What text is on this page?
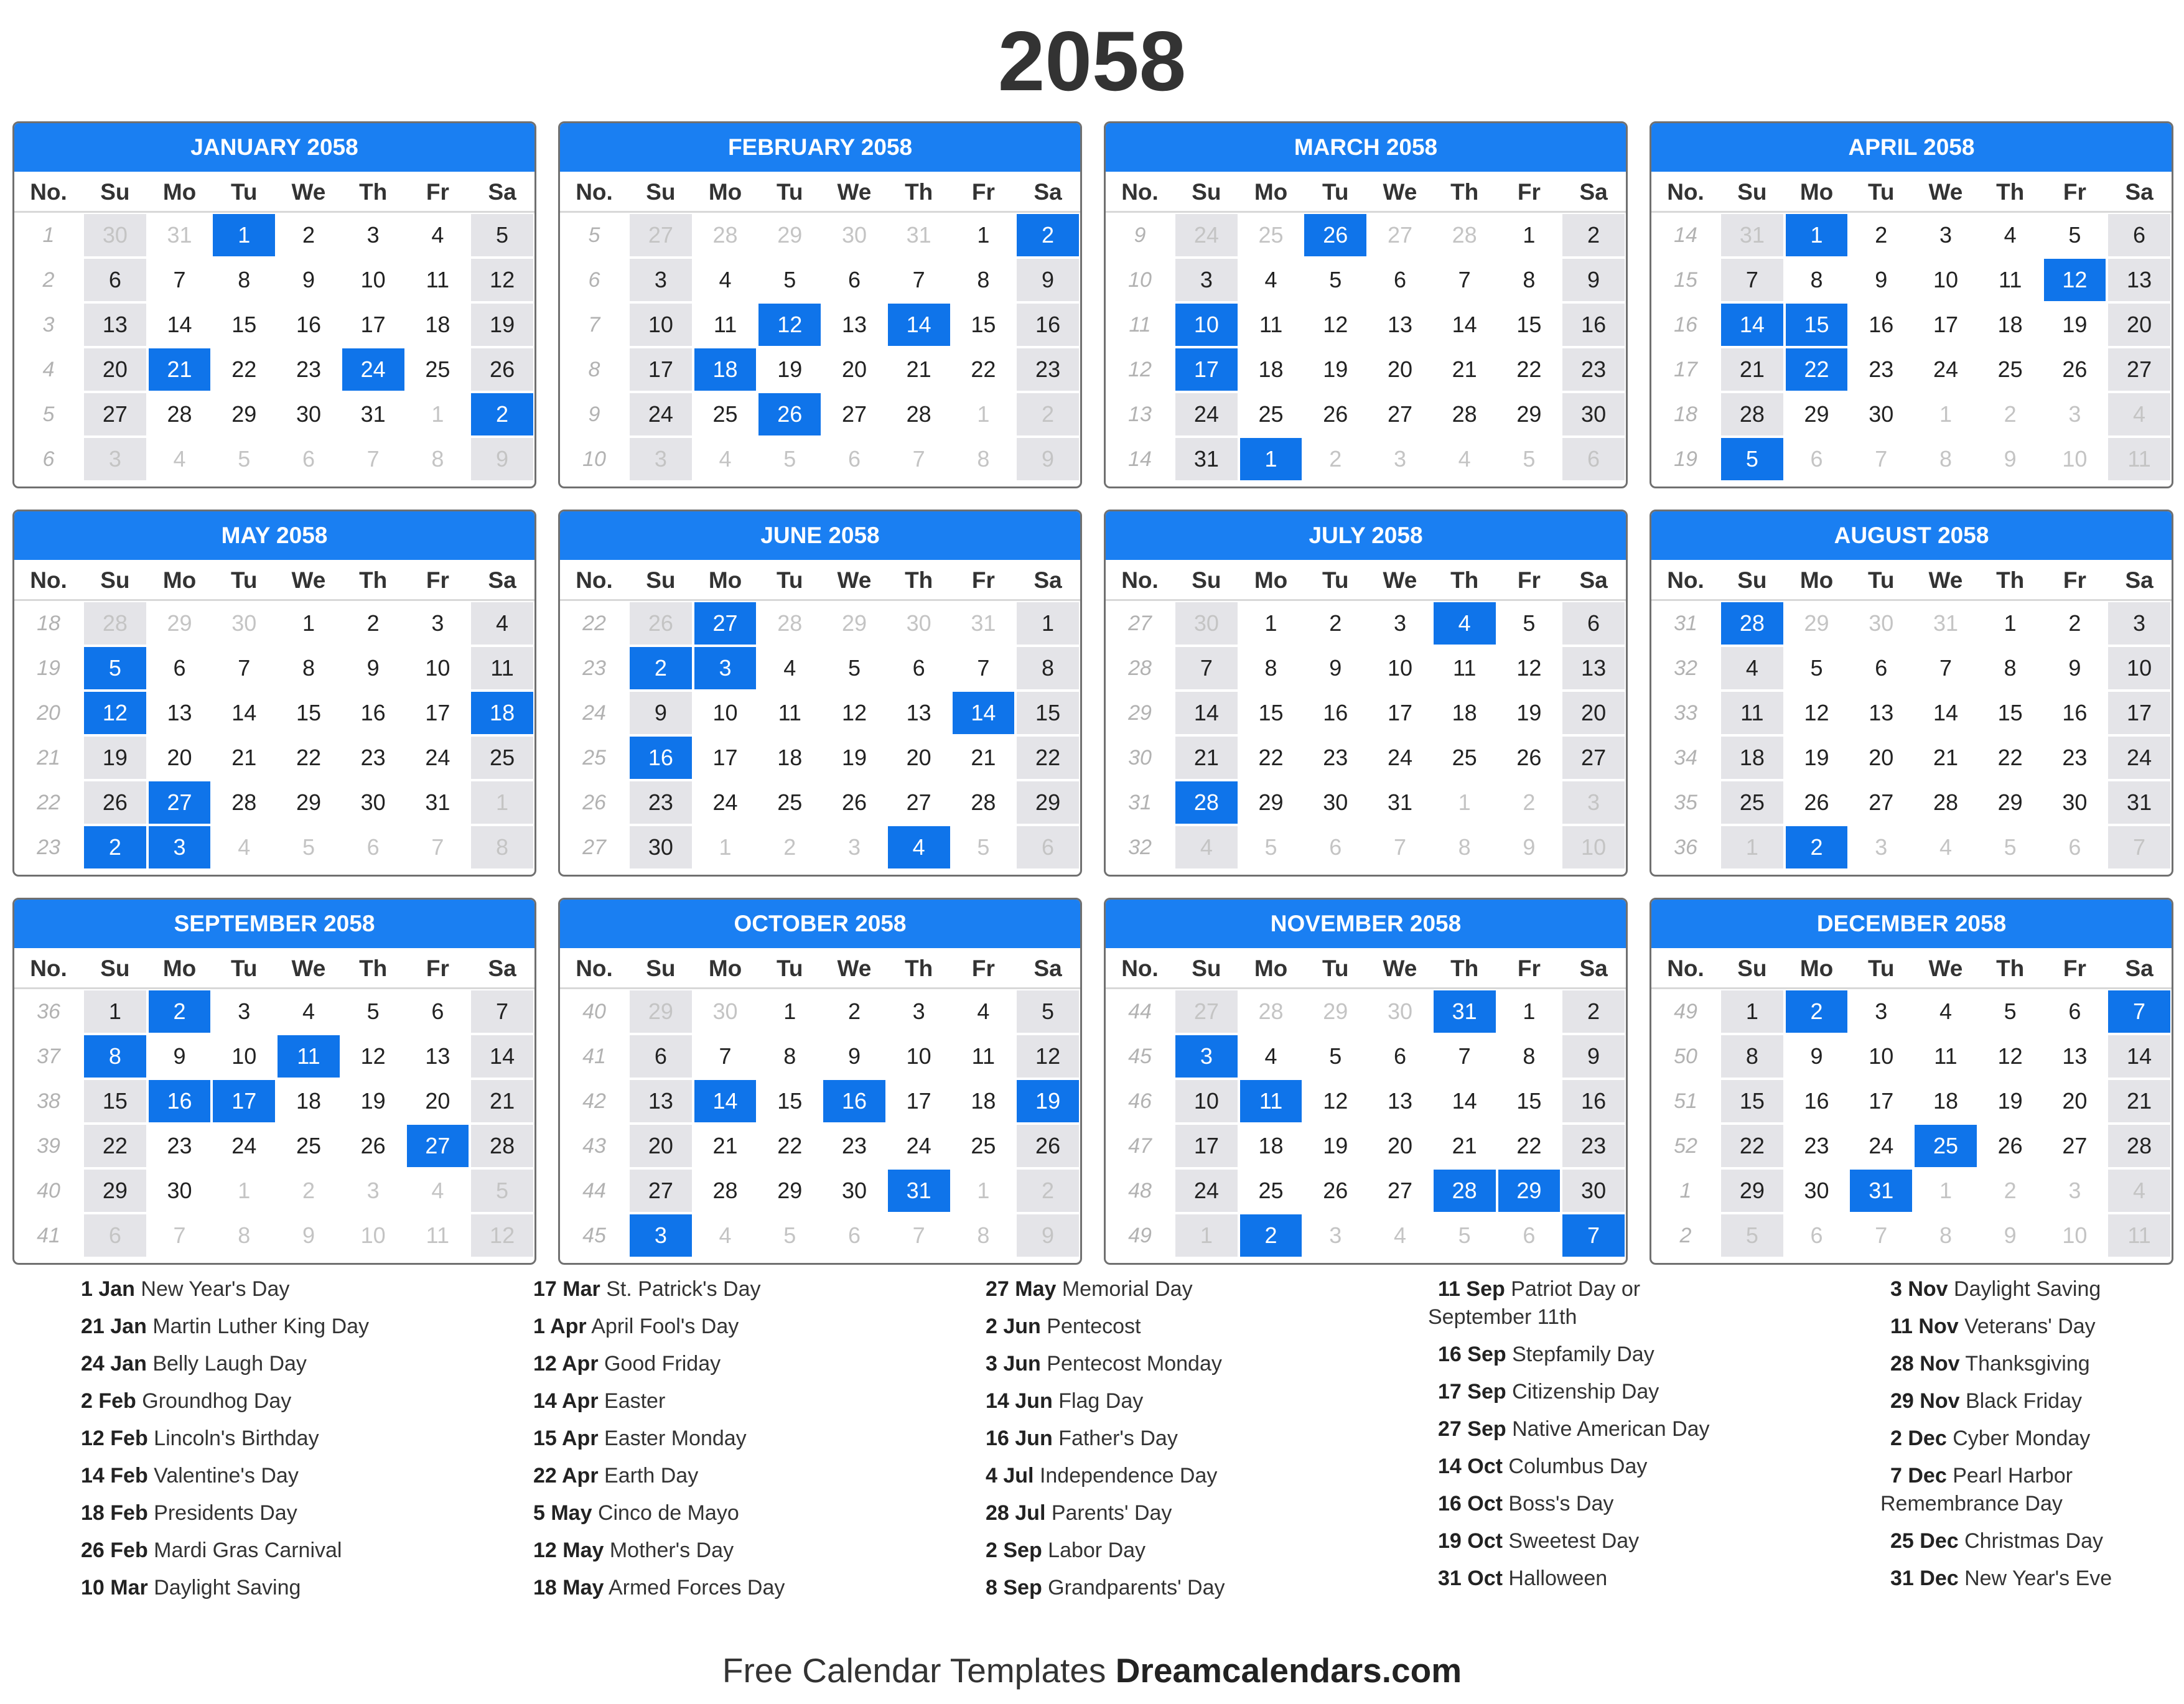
2058
JANUARY 2058
No.	Su	Mo	Tu	We	Th	Fr	Sa
1	30	31	1	2	3	4	5
2	6	7	8	9	10	11	12
3	13	14	15	16	17	18	19
4	20	21	22	23	24	25	26
5	27	28	29	30	31	1	2
6	3	4	5	6	7	8	9
FEBRUARY 2058
No.	Su	Mo	Tu	We	Th	Fr	Sa
5	27	28	29	30	31	1	2
6	3	4	5	6	7	8	9
7	10	11	12	13	14	15	16
8	17	18	19	20	21	22	23
9	24	25	26	27	28	1	2
10	3	4	5	6	7	8	9
MARCH 2058
No.	Su	Mo	Tu	We	Th	Fr	Sa
9	24	25	26	27	28	1	2
10	3	4	5	6	7	8	9
11	10	11	12	13	14	15	16
12	17	18	19	20	21	22	23
13	24	25	26	27	28	29	30
14	31	1	2	3	4	5	6
APRIL 2058
No.	Su	Mo	Tu	We	Th	Fr	Sa
14	31	1	2	3	4	5	6
15	7	8	9	10	11	12	13
16	14	15	16	17	18	19	20
17	21	22	23	24	25	26	27
18	28	29	30	1	2	3	4
19	5	6	7	8	9	10	11
MAY 2058
No.	Su	Mo	Tu	We	Th	Fr	Sa
18	28	29	30	1	2	3	4
19	5	6	7	8	9	10	11
20	12	13	14	15	16	17	18
21	19	20	21	22	23	24	25
22	26	27	28	29	30	31	1
23	2	3	4	5	6	7	8
JUNE 2058
No.	Su	Mo	Tu	We	Th	Fr	Sa
22	26	27	28	29	30	31	1
23	2	3	4	5	6	7	8
24	9	10	11	12	13	14	15
25	16	17	18	19	20	21	22
26	23	24	25	26	27	28	29
27	30	1	2	3	4	5	6
JULY 2058
No.	Su	Mo	Tu	We	Th	Fr	Sa
27	30	1	2	3	4	5	6
28	7	8	9	10	11	12	13
29	14	15	16	17	18	19	20
30	21	22	23	24	25	26	27
31	28	29	30	31	1	2	3
32	4	5	6	7	8	9	10
AUGUST 2058
No.	Su	Mo	Tu	We	Th	Fr	Sa
31	28	29	30	31	1	2	3
32	4	5	6	7	8	9	10
33	11	12	13	14	15	16	17
34	18	19	20	21	22	23	24
35	25	26	27	28	29	30	31
36	1	2	3	4	5	6	7
SEPTEMBER 2058
No.	Su	Mo	Tu	We	Th	Fr	Sa
36	1	2	3	4	5	6	7
37	8	9	10	11	12	13	14
38	15	16	17	18	19	20	21
39	22	23	24	25	26	27	28
40	29	30	1	2	3	4	5
41	6	7	8	9	10	11	12
OCTOBER 2058
No.	Su	Mo	Tu	We	Th	Fr	Sa
40	29	30	1	2	3	4	5
41	6	7	8	9	10	11	12
42	13	14	15	16	17	18	19
43	20	21	22	23	24	25	26
44	27	28	29	30	31	1	2
45	3	4	5	6	7	8	9
NOVEMBER 2058
No.	Su	Mo	Tu	We	Th	Fr	Sa
44	27	28	29	30	31	1	2
45	3	4	5	6	7	8	9
46	10	11	12	13	14	15	16
47	17	18	19	20	21	22	23
48	24	25	26	27	28	29	30
49	1	2	3	4	5	6	7
DECEMBER 2058
No.	Su	Mo	Tu	We	Th	Fr	Sa
49	1	2	3	4	5	6	7
50	8	9	10	11	12	13	14
51	15	16	17	18	19	20	21
52	22	23	24	25	26	27	28
1	29	30	31	1	2	3	4
2	5	6	7	8	9	10	11
1 Jan New Year's Day
21 Jan Martin Luther King Day
24 Jan Belly Laugh Day
2 Feb Groundhog Day
12 Feb Lincoln's Birthday
14 Feb Valentine's Day
18 Feb Presidents Day
26 Feb Mardi Gras Carnival
10 Mar Daylight Saving
17 Mar St. Patrick's Day
1 Apr April Fool's Day
12 Apr Good Friday
14 Apr Easter
15 Apr Easter Monday
22 Apr Earth Day
5 May Cinco de Mayo
12 May Mother's Day
18 May Armed Forces Day
27 May Memorial Day
2 Jun Pentecost
3 Jun Pentecost Monday
14 Jun Flag Day
16 Jun Father's Day
4 Jul Independence Day
28 Jul Parents' Day
2 Sep Labor Day
8 Sep Grandparents' Day
11 Sep Patriot Day or
September 11th
16 Sep Stepfamily Day
17 Sep Citizenship Day
27 Sep Native American Day
14 Oct Columbus Day
16 Oct Boss's Day
19 Oct Sweetest Day
31 Oct Halloween
3 Nov Daylight Saving
11 Nov Veterans' Day
28 Nov Thanksgiving
29 Nov Black Friday
2 Dec Cyber Monday
7 Dec Pearl Harbor
Remembrance Day
25 Dec Christmas Day
31 Dec New Year's Eve
Free Calendar Templates Dreamcalendars.com
